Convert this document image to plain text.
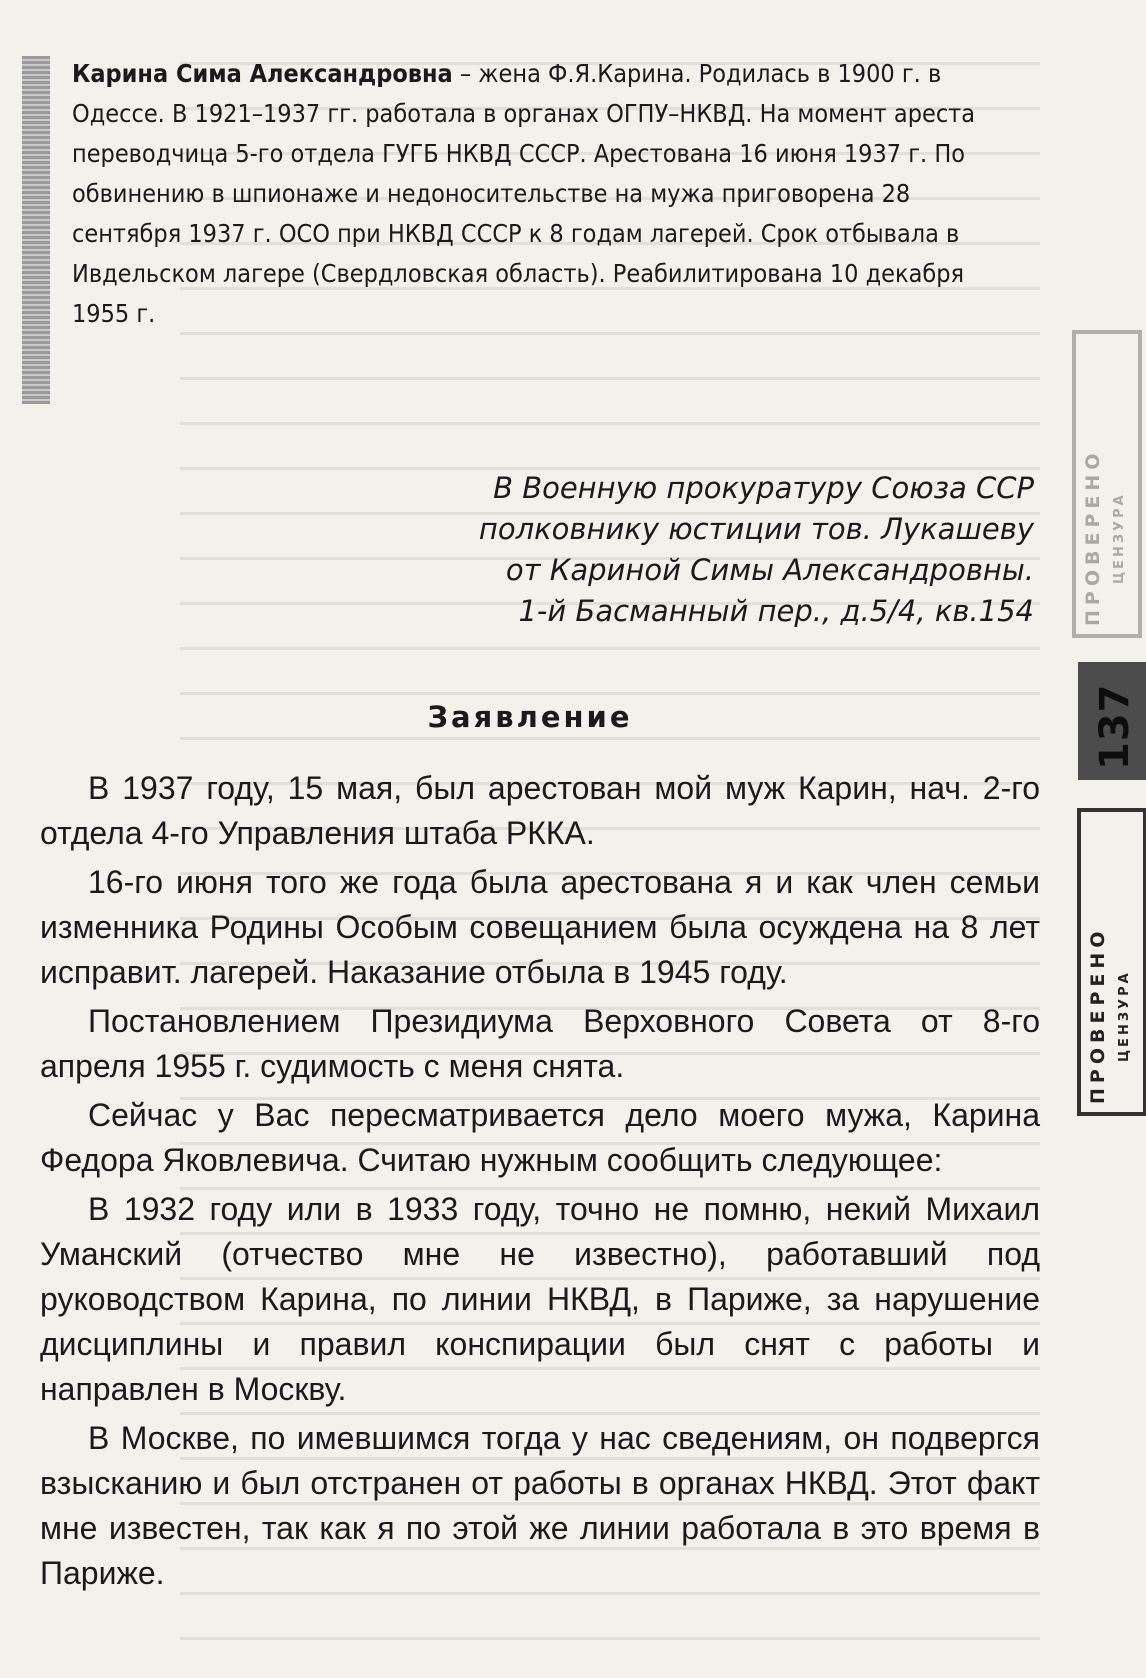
Карина Сима Александровна – жена Ф.Я.Карина. Родилась в 1900 г. в Одессе. В 1921–1937 гг. работала в органах ОГПУ–НКВД. На момент ареста переводчица 5-го отдела ГУГБ НКВД СССР. Арестована 16 июня 1937 г. По обвинению в шпионаже и недоносительстве на мужа приговорена 28 сентября 1937 г. ОСО при НКВД СССР к 8 годам лагерей. Срок отбывала в Ивдельском лагере (Свердловская область). Реабилитирована 10 декабря 1955 г.
В Военную прокуратуру Союза ССР
полковнику юстиции тов. Лукашеву
от Кариной Симы Александровны.
1-й Басманный пер., д.5/4, кв.154
Заявление

В 1937 году, 15 мая, был арестован мой муж Карин, нач. 2-го отдела 4-го Управления штаба РККА.

16-го июня того же года была арестована я и как член семьи изменника Родины Особым совещанием была осуждена на 8 лет исправит. лагерей. Наказание отбыла в 1945 году.

Постановлением Президиума Верховного Совета от 8-го апреля 1955 г. судимость с меня снята.

Сейчас у Вас пересматривается дело моего мужа, Карина Федора Яковлевича. Считаю нужным сообщить следующее:

В 1932 году или в 1933 году, точно не помню, некий Михаил Уманский (отчество мне не известно), работавший под руководством Карина, по линии НКВД, в Париже, за нарушение дисциплины и правил конспирации был снят с работы и направлен в Москву.

В Москве, по имевшимся тогда у нас сведениям, он подвергся взысканию и был отстранен от работы в органах НКВД. Этот факт мне известен, так как я по этой же линии работала в это время в Париже.

ПРОВЕРЕНО ЦЕНЗУРА
137
ПРОВЕРЕНО ЦЕНЗУРА
